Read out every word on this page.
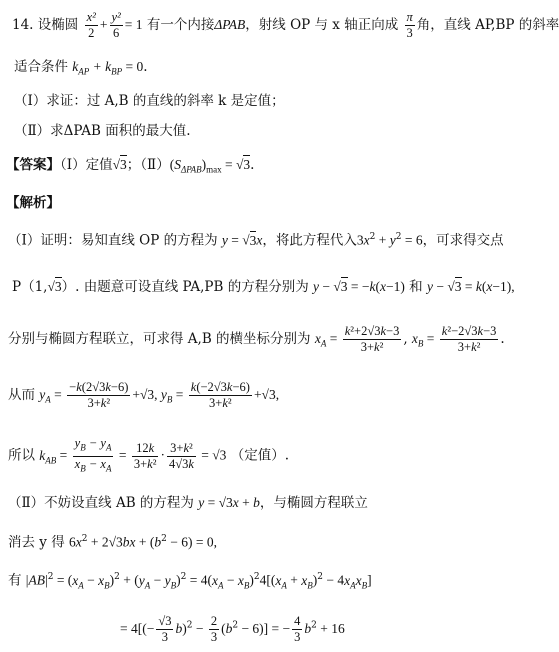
14. 设椭圆 $\frac{\text{x²}}{2} + \frac{\text{y²}}{6} = 1$ 有一个内接ΔPAB，射线 OP 与 x 轴正向成 $\frac{\pi}{3}$ 角，直线 AP,BP 的斜率
适合条件 $k_{AP} + k_{BP} = 0$.
（Ⅰ）求证：过 A,B 的直线的斜率 k 是定值；
（Ⅱ）求ΔPAB 面积的最大值.
【答案】（Ⅰ）定值√3；$(Ⅱ)(S_{\Delta PAB})_{max} = √3$.
【解析】
（Ⅰ）证明：易知直线 OP 的方程为 y = √3x，将此方程代入$3x^2 + y^2 = 6$，可求得交点
P（1,√3）. 由题意可设直线 PA,PB 的方程分别为 y − √3 = −k(x−1) 和 y − √3 = k(x−1),
分别与椭圆方程联立，可求得 A,B 的横坐标分别为 $x_A = \frac{\text{k²+2√3k−3}}{\text{3+k²}}$ , $x_B = \frac{\text{k²−2√3k−3}}{\text{3+k²}}$ .
从而 $y_A = \frac{-k(2√3k-6)}{\text{3+k²}} +√3$, $y_B = \frac{k(-2√3k-6)}{\text{3+k²}} +√3$,
所以 $k_{AB} = \frac{y_B - y_A}{x_B - x_A} = \frac{12k}{\text{3+k²}} \cdot \frac{\text{3+k²}}{4√3k} = √3$ （定值）.
（Ⅱ）不妨设直线 AB 的方程为 y = √3x + b，与椭圆方程联立
消去 y 得 $6x^2 + 2√3bx + (b^2 - 6) = 0$,
有 $|AB|^2 = (x_A - x_B)^2 + (y_A - y_B)^2 = 4(x_A - x_B)^24[(x_A + x_B)^2 - 4x_Ax_B]$
= $4[(- \frac{√3}{3} b)^2 - \frac{2}{3} (b^2 - 6)]$ = − $\frac{4}{3} b^2 + 16$
